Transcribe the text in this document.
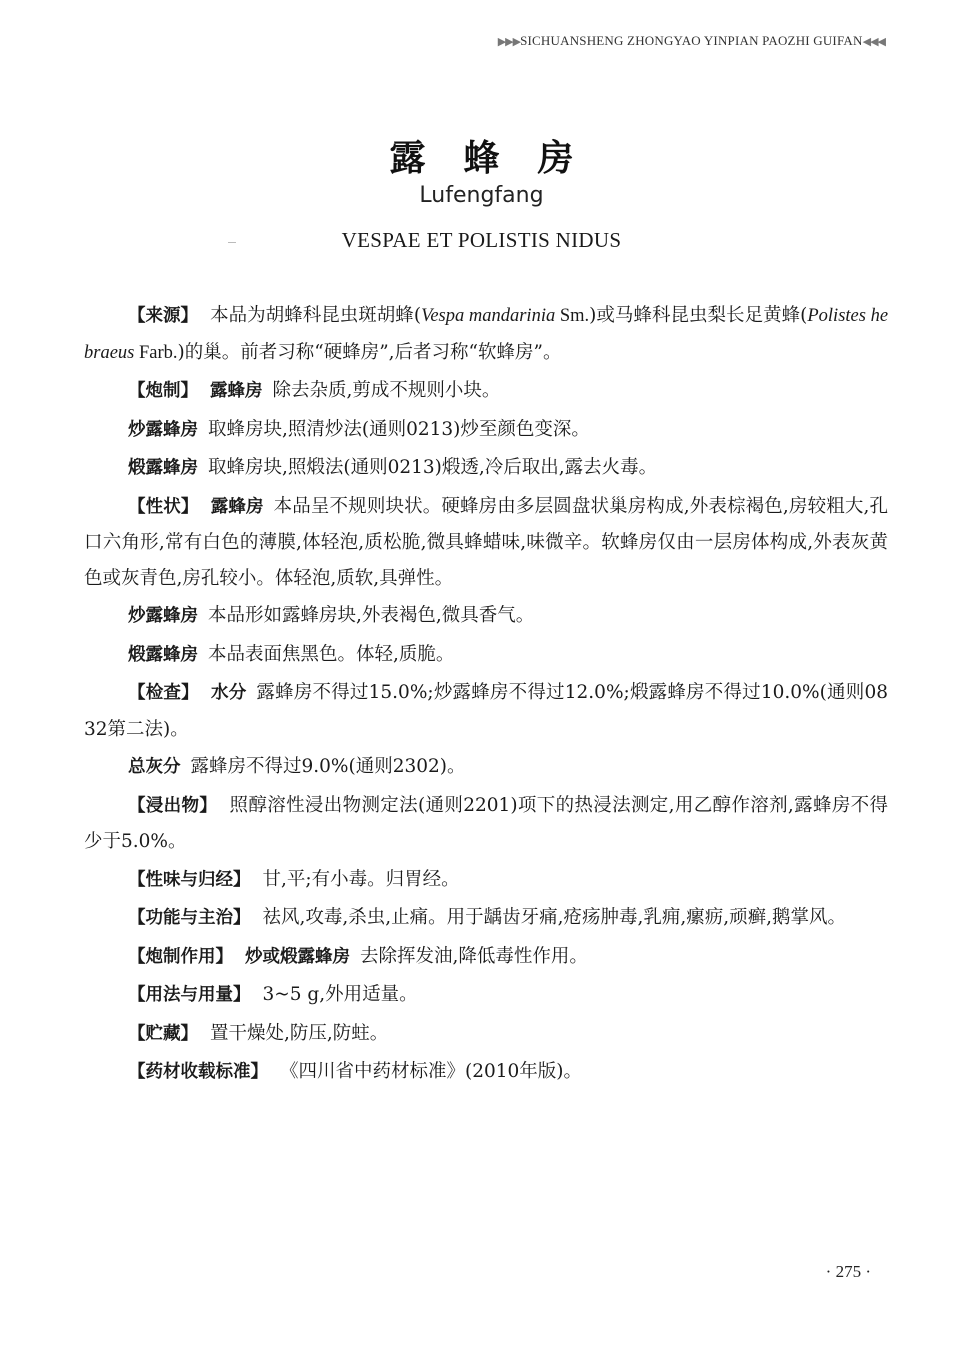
▶▶▶SICHUANSHENG ZHONGYAO YINPIAN PAOZHI GUIFAN◀◀◀
露蜂房
Lufengfang
VESPAE ET POLISTIS NIDUS

【来源】 本品为胡蜂科昆虫斑胡蜂(Vespa mandarinia Sm.)或马蜂科昆虫梨长足黄蜂(Polistes hebraeus Farb.)的巢。前者习称“硬蜂房”,后者习称“软蜂房”。

【炮制】 露蜂房 除去杂质,剪成不规则小块。

炒露蜂房 取蜂房块,照清炒法(通则0213)炒至颜色变深。

煅露蜂房 取蜂房块,照煅法(通则0213)煅透,冷后取出,露去火毒。

【性状】 露蜂房 本品呈不规则块状。硬蜂房由多层圆盘状巢房构成,外表棕褐色,房较粗大,孔口六角形,常有白色的薄膜,体轻泡,质松脆,微具蜂蜡味,味微辛。软蜂房仅由一层房体构成,外表灰黄色或灰青色,房孔较小。体轻泡,质软,具弹性。

炒露蜂房 本品形如露蜂房块,外表褐色,微具香气。

煅露蜂房 本品表面焦黑色。体轻,质脆。

【检查】 水分 露蜂房不得过15.0%;炒露蜂房不得过12.0%;煅露蜂房不得过10.0%(通则0832第二法)。

总灰分 露蜂房不得过9.0%(通则2302)。

【浸出物】 照醇溶性浸出物测定法(通则2201)项下的热浸法测定,用乙醇作溶剂,露蜂房不得少于5.0%。

【性味与归经】 甘,平;有小毒。归胃经。

【功能与主治】 祛风,攻毒,杀虫,止痛。用于龋齿牙痛,疮疡肿毒,乳痈,瘰疬,顽癣,鹅掌风。

【炮制作用】 炒或煅露蜂房 去除挥发油,降低毒性作用。

【用法与用量】 3~5 g,外用适量。

【贮藏】 置干燥处,防压,防蛀。

【药材收载标准】 《四川省中药材标准》(2010年版)。

· 275 ·
